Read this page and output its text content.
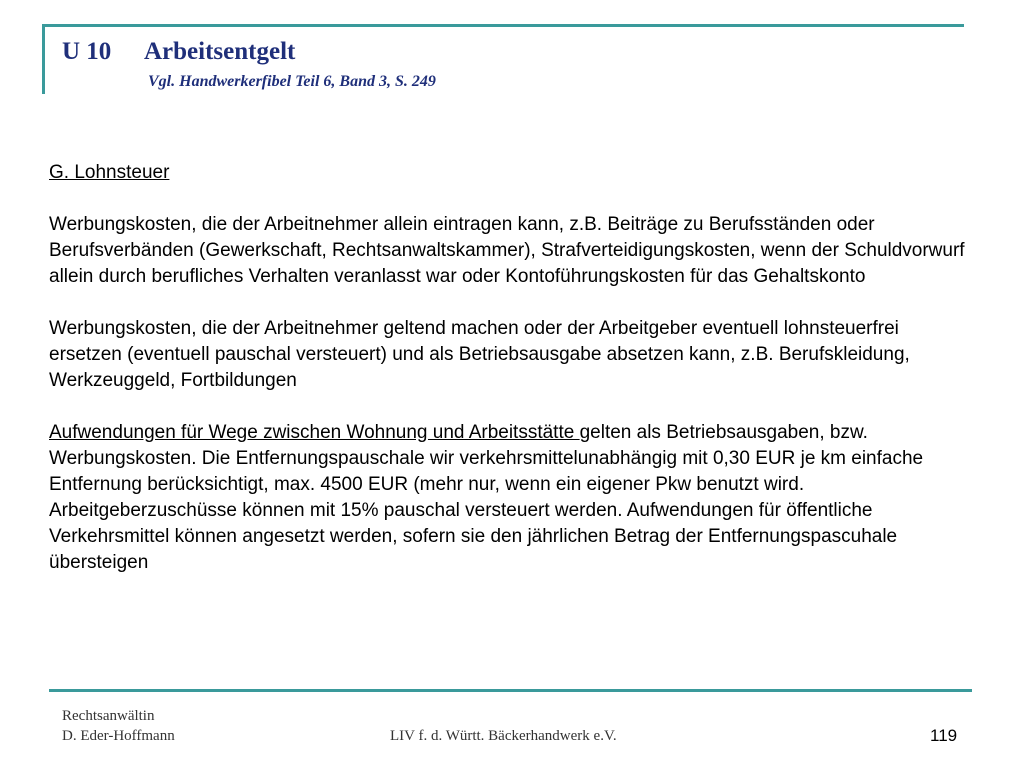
U 10 Arbeitsentgelt
Vgl. Handwerkerfibel Teil 6, Band 3, S. 249

G. Lohnsteuer

Werbungskosten, die der Arbeitnehmer allein eintragen kann, z.B. Beiträge zu Berufsständen oder Berufsverbänden (Gewerkschaft, Rechtsanwaltskammer), Strafverteidigungskosten, wenn der Schuldvorwurf allein durch berufliches Verhalten veranlasst war oder Kontoführungskosten für das Gehaltskonto

Werbungskosten, die der Arbeitnehmer geltend machen oder der Arbeitgeber eventuell lohnsteuerfrei ersetzen (eventuell pauschal versteuert) und als Betriebsausgabe absetzen kann, z.B. Berufskleidung, Werkzeuggeld, Fortbildungen

Aufwendungen für Wege zwischen Wohnung und Arbeitsstätte gelten als Betriebsausgaben, bzw. Werbungskosten. Die Entfernungspauschale wir verkehrsmittelunabhängig mit 0,30 EUR je km einfache Entfernung berücksichtigt, max. 4500 EUR (mehr nur, wenn ein eigener Pkw benutzt wird. Arbeitgeberzuschüsse können mit 15% pauschal versteuert werden. Aufwendungen für öffentliche Verkehrsmittel können angesetzt werden, sofern sie den jährlichen Betrag der Entfernungspascuhale übersteigen

Rechtsanwältin
D. Eder-Hoffmann	LIV f. d. Württ. Bäckerhandwerk e.V.	119
